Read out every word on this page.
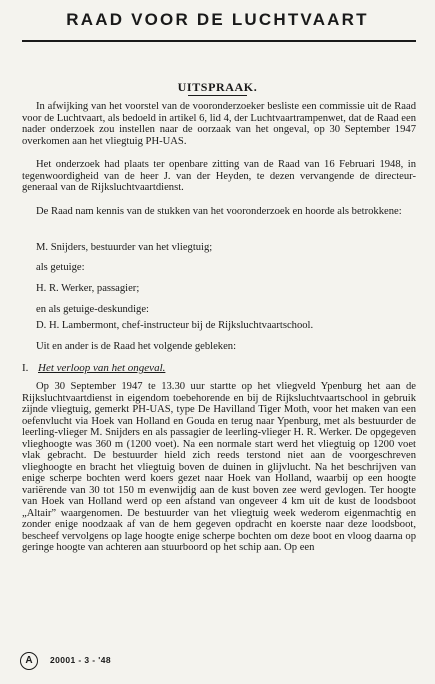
RAAD VOOR DE LUCHTVAART
UITSPRAAK.

In afwijking van het voorstel van de vooronderzoeker besliste een commissie uit de Raad voor de Luchtvaart, als bedoeld in artikel 6, lid 4, der Luchtvaartrampenwet, dat de Raad een nader onderzoek zou instellen naar de oorzaak van het ongeval, op 30 September 1947 overkomen aan het vliegtuig PH-UAS.

Het onderzoek had plaats ter openbare zitting van de Raad van 16 Februari 1948, in tegenwoordigheid van de heer J. van der Heyden, te dezen vervangende de directeur-generaal van de Rijksluchtvaartdienst.

De Raad nam kennis van de stukken van het vooronderzoek en hoorde als betrokkene:

M. Snijders, bestuurder van het vliegtuig;

als getuige:

H. R. Werker, passagier;

en als getuige-deskundige:

D. H. Lambermont, chef-instructeur bij de Rijksluchtvaartschool.

Uit en ander is de Raad het volgende gebleken:

I. Het verloop van het ongeval.

Op 30 September 1947 te 13.30 uur startte op het vliegveld Ypenburg het aan de Rijksluchtvaartdienst in eigendom toebehorende en bij de Rijksluchtvaartschool in gebruik zijnde vliegtuig, gemerkt PH-UAS, type De Havilland Tiger Moth, voor het maken van een oefenvlucht via Hoek van Holland en Gouda en terug naar Ypenburg, met als bestuurder de leerling-vlieger M. Snijders en als passagier de leerling-vlieger H. R. Werker. De opgegeven vlieghoogte was 360 m (1200 voet). Na een normale start werd het vliegtuig op 1200 voet vlak gebracht. De bestuurder hield zich reeds terstond niet aan de voorgeschreven vlieghoogte en bracht het vliegtuig boven de duinen in glijvlucht. Na het beschrijven van enige scherpe bochten werd koers gezet naar Hoek van Holland, waarbij op een hoogte variërende van 30 tot 150 m evenwijdig aan de kust boven zee werd gevlogen. Ter hoogte van Hoek van Holland werd op een afstand van ongeveer 4 km uit de kust de loodsboot „Altair” waargenomen. De bestuurder van het vliegtuig week wederom eigenmachtig en zonder enige noodzaak af van de hem gegeven opdracht en koerste naar deze loodsboot, bescheef vervolgens op lage hoogte enige scherpe bochten om deze boot en vloog daarna op geringe hoogte van achteren aan stuurboord op het schip aan. Op een

A	20001 - 3 - '48
